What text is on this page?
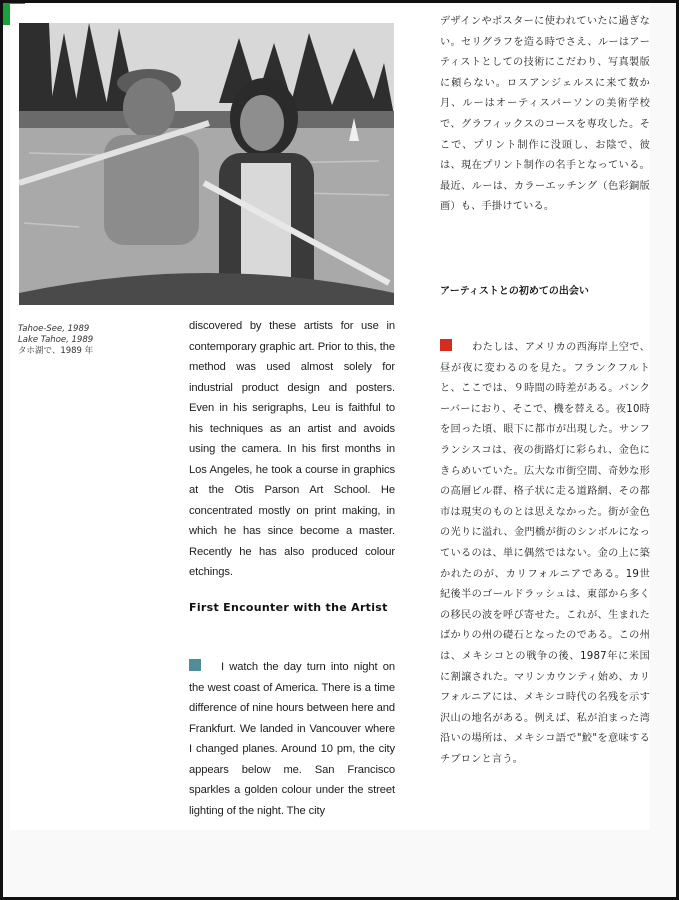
Tahoe-See, 1989
Lake Tahoe, 1989
タホ湖で、1989 年
discovered by these artists for use in contemporary graphic art. Prior to this, the method was used almost solely for industrial product design and posters. Even in his serigraphs, Leu is faithful to his techniques as an artist and avoids using the camera. In his first months in Los Angeles, he took a course in graphics at the Otis Parson Art School. He concentrated mostly on print making, in which he has since become a master. Recently he has also produced colour etchings.
First Encounter with the Artist
I watch the day turn into night on the west coast of America. There is a time difference of nine hours between here and Frankfurt. We landed in Vancouver where I changed planes. Around 10 pm, the city appears below me. San Francisco sparkles a golden colour under the street lighting of the night. The city
デザインやポスターに使われていたに過ぎない。セリグラフを造る時でさえ、ルーはアーティストとしての技術にこだわり、写真製版に頼らない。ロスアンジェルスに来て数か月、ルーはオーティスパーソンの美術学校で、グラフィックスのコースを専攻した。そこで、プリント制作に没頭し、お陰で、彼は、現在プリント制作の名手となっている。最近、ルーは、カラーエッチング（色彩銅版画）も、手掛けている。
アーティストとの初めての出会い
わたしは、アメリカの西海岸上空で、昼が夜に変わるのを見た。フランクフルトと、ここでは、９時間の時差がある。バンクーバーにおり、そこで、機を替える。夜10時を回った頃、眼下に都市が出現した。サンフランシスコは、夜の街路灯に彩られ、金色にきらめいていた。広大な市街空間、奇妙な形の高層ビル群、格子状に走る道路網、その都市は現実のものとは思えなかった。街が金色の光りに溢れ、金門橋が街のシンボルになっているのは、単に偶然ではない。金の上に築かれたのが、カリフォルニアである。19世紀後半のゴールドラッシュは、東部から多くの移民の波を呼び寄せた。これが、生まれたばかりの州の礎石となったのである。この州は、メキシコとの戦争の後、1987年に米国に割譲された。マリンカウンティ始め、カリフォルニアには、メキシコ時代の名残を示す沢山の地名がある。例えば、私が泊まった湾沿いの場所は、メキシコ語で"鮫"を意味するチブロンと言う。
